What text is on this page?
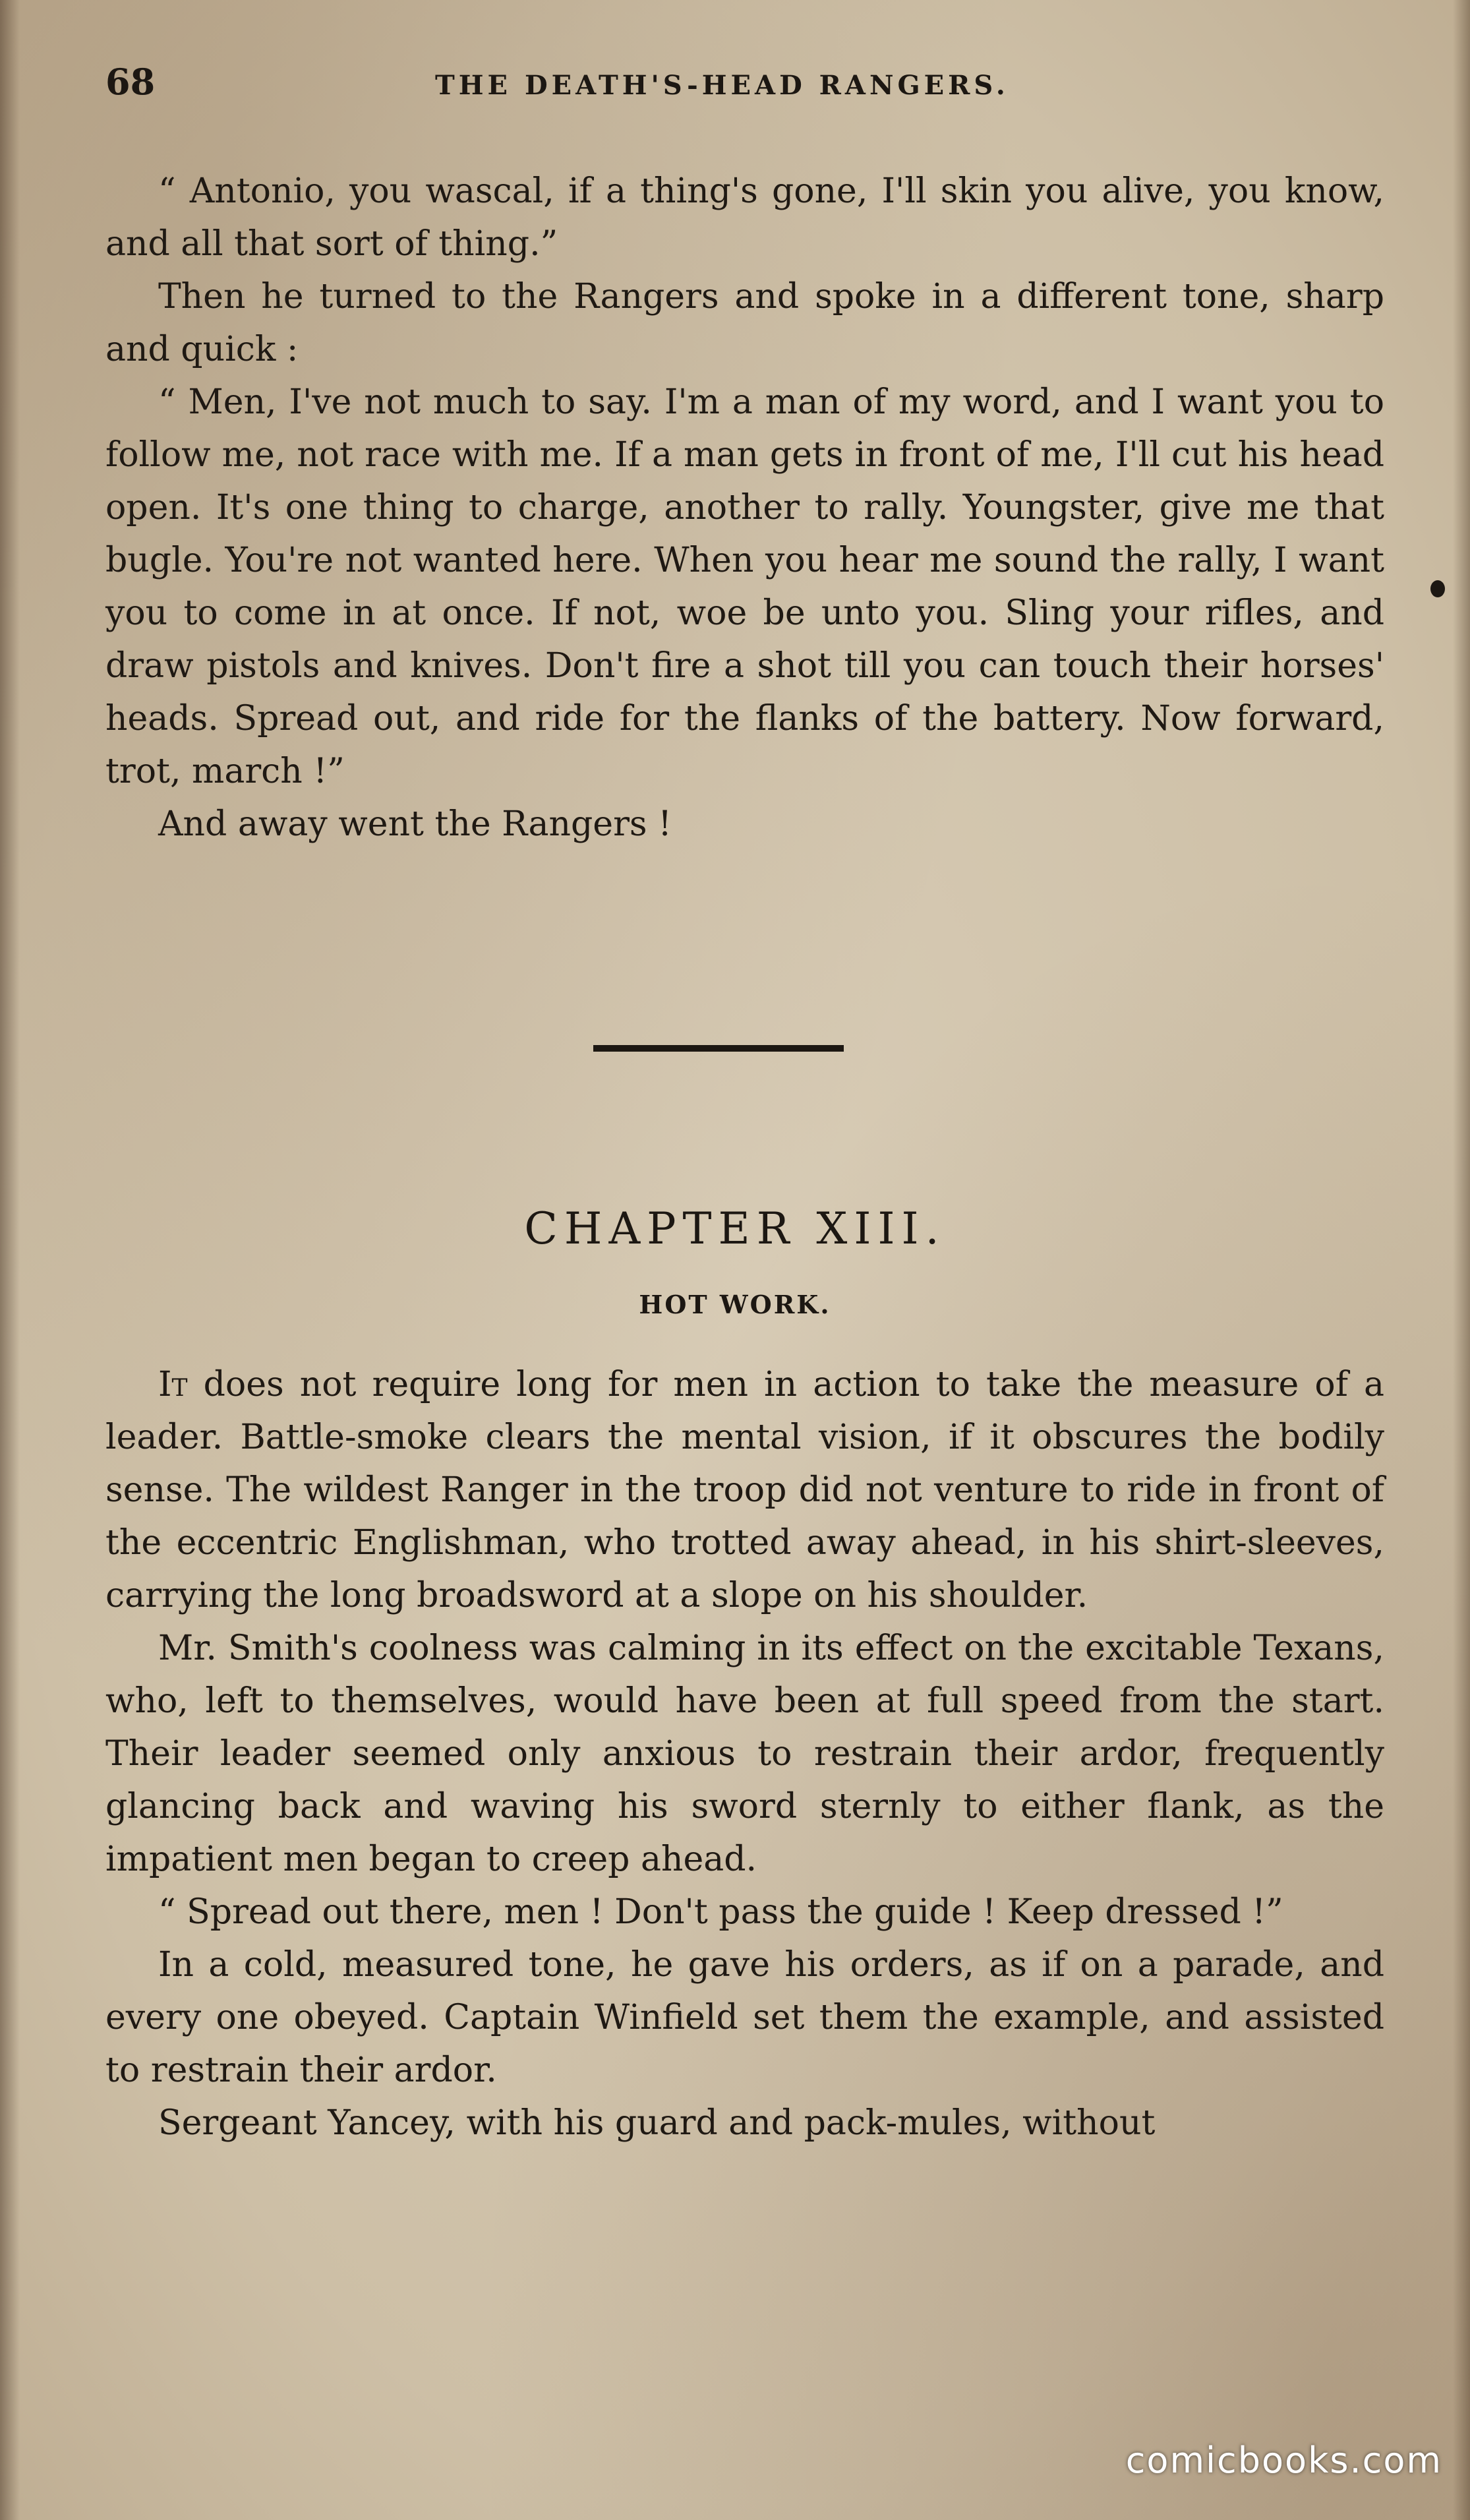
68	THE DEATH'S-HEAD RANGERS.

“ Antonio, you wascal, if a thing's gone, I'll skin you alive, you know, and all that sort of thing.”

Then he turned to the Rangers and spoke in a different tone, sharp and quick :

“ Men, I've not much to say. I'm a man of my word, and I want you to follow me, not race with me. If a man gets in front of me, I'll cut his head open. It's one thing to charge, another to rally. Youngster, give me that bugle. You're not wanted here. When you hear me sound the rally, I want you to come in at once. If not, woe be unto you. Sling your rifles, and draw pistols and knives. Don't fire a shot till you can touch their horses' heads. Spread out, and ride for the flanks of the battery. Now forward, trot, march !”

And away went the Rangers !

CHAPTER XIII.
HOT WORK.

It does not require long for men in action to take the measure of a leader. Battle-smoke clears the mental vision, if it obscures the bodily sense. The wildest Ranger in the troop did not venture to ride in front of the eccentric Englishman, who trotted away ahead, in his shirt-sleeves, carrying the long broadsword at a slope on his shoulder.

Mr. Smith's coolness was calming in its effect on the excitable Texans, who, left to themselves, would have been at full speed from the start. Their leader seemed only anxious to restrain their ardor, frequently glancing back and waving his sword sternly to either flank, as the impatient men began to creep ahead.

“ Spread out there, men ! Don't pass the guide ! Keep dressed !”

In a cold, measured tone, he gave his orders, as if on a parade, and every one obeyed. Captain Winfield set them the example, and assisted to restrain their ardor.

Sergeant Yancey, with his guard and pack-mules, without

comicbooks.com
